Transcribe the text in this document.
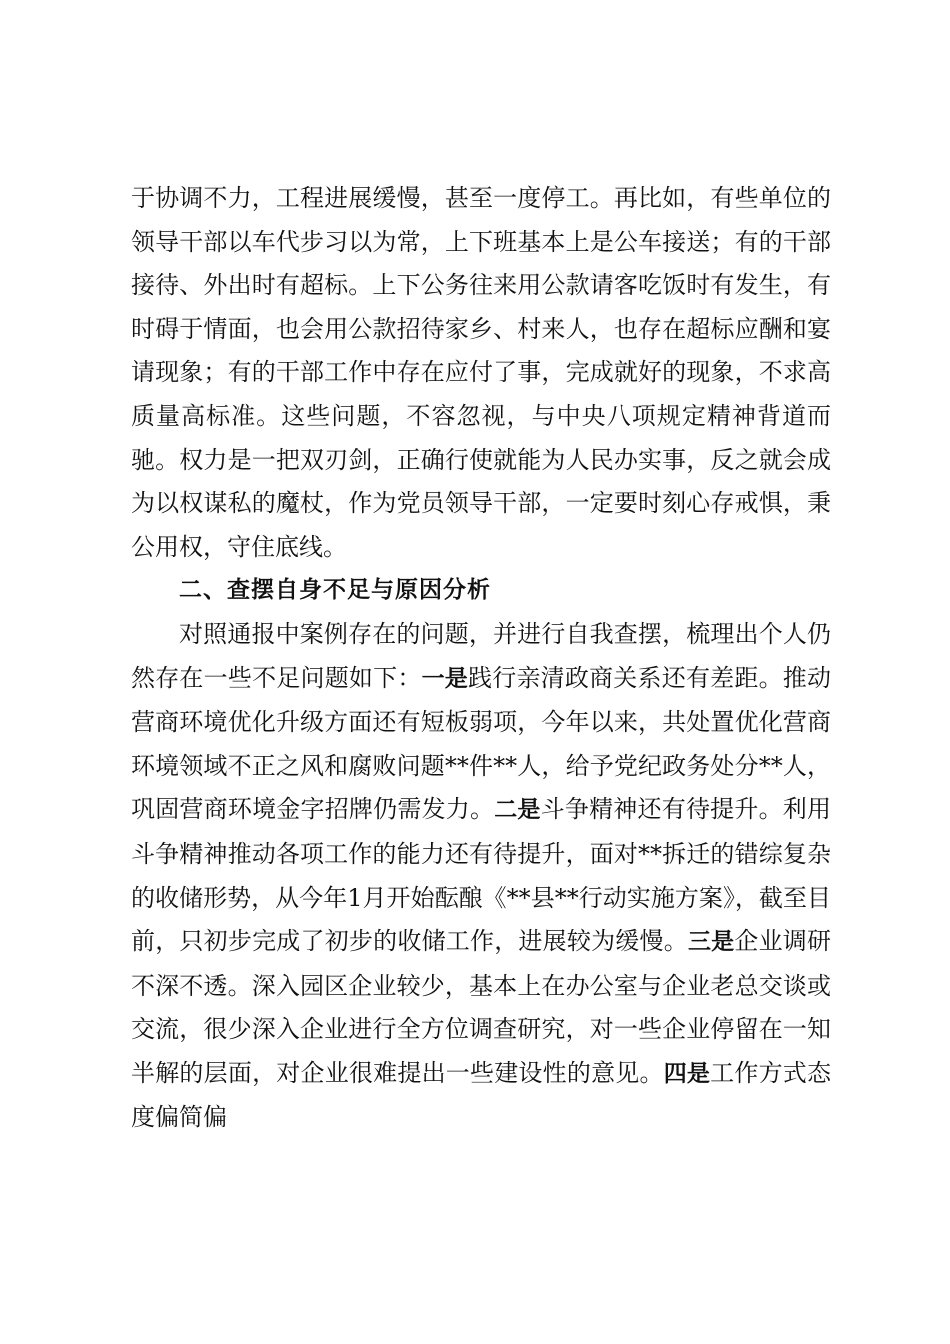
于协调不力，工程进展缓慢，甚至一度停工。再比如，有些单位的领导干部以车代步习以为常，上下班基本上是公车接送；有的干部接待、外出时有超标。上下公务往来用公款请客吃饭时有发生，有时碍于情面，也会用公款招待家乡、村来人，也存在超标应酬和宴请现象；有的干部工作中存在应付了事，完成就好的现象，不求高质量高标准。这些问题，不容忽视，与中央八项规定精神背道而驰。权力是一把双刃剑，正确行使就能为人民办实事，反之就会成为以权谋私的魔杖，作为党员领导干部，一定要时刻心存戒惧，秉公用权，守住底线。

二、查摆自身不足与原因分析

对照通报中案例存在的问题，并进行自我查摆，梳理出个人仍然存在一些不足问题如下：一是践行亲清政商关系还有差距。推动营商环境优化升级方面还有短板弱项，今年以来，共处置优化营商环境领域不正之风和腐败问题**件**人，给予党纪政务处分**人，巩固营商环境金字招牌仍需发力。二是斗争精神还有待提升。利用斗争精神推动各项工作的能力还有待提升，面对**拆迁的错综复杂的收储形势，从今年1月开始酝酿《**县**行动实施方案》，截至目前，只初步完成了初步的收储工作，进展较为缓慢。三是企业调研不深不透。深入园区企业较少，基本上在办公室与企业老总交谈或交流，很少深入企业进行全方位调查研究，对一些企业停留在一知半解的层面，对企业很难提出一些建设性的意见。四是工作方式态度偏简偏
